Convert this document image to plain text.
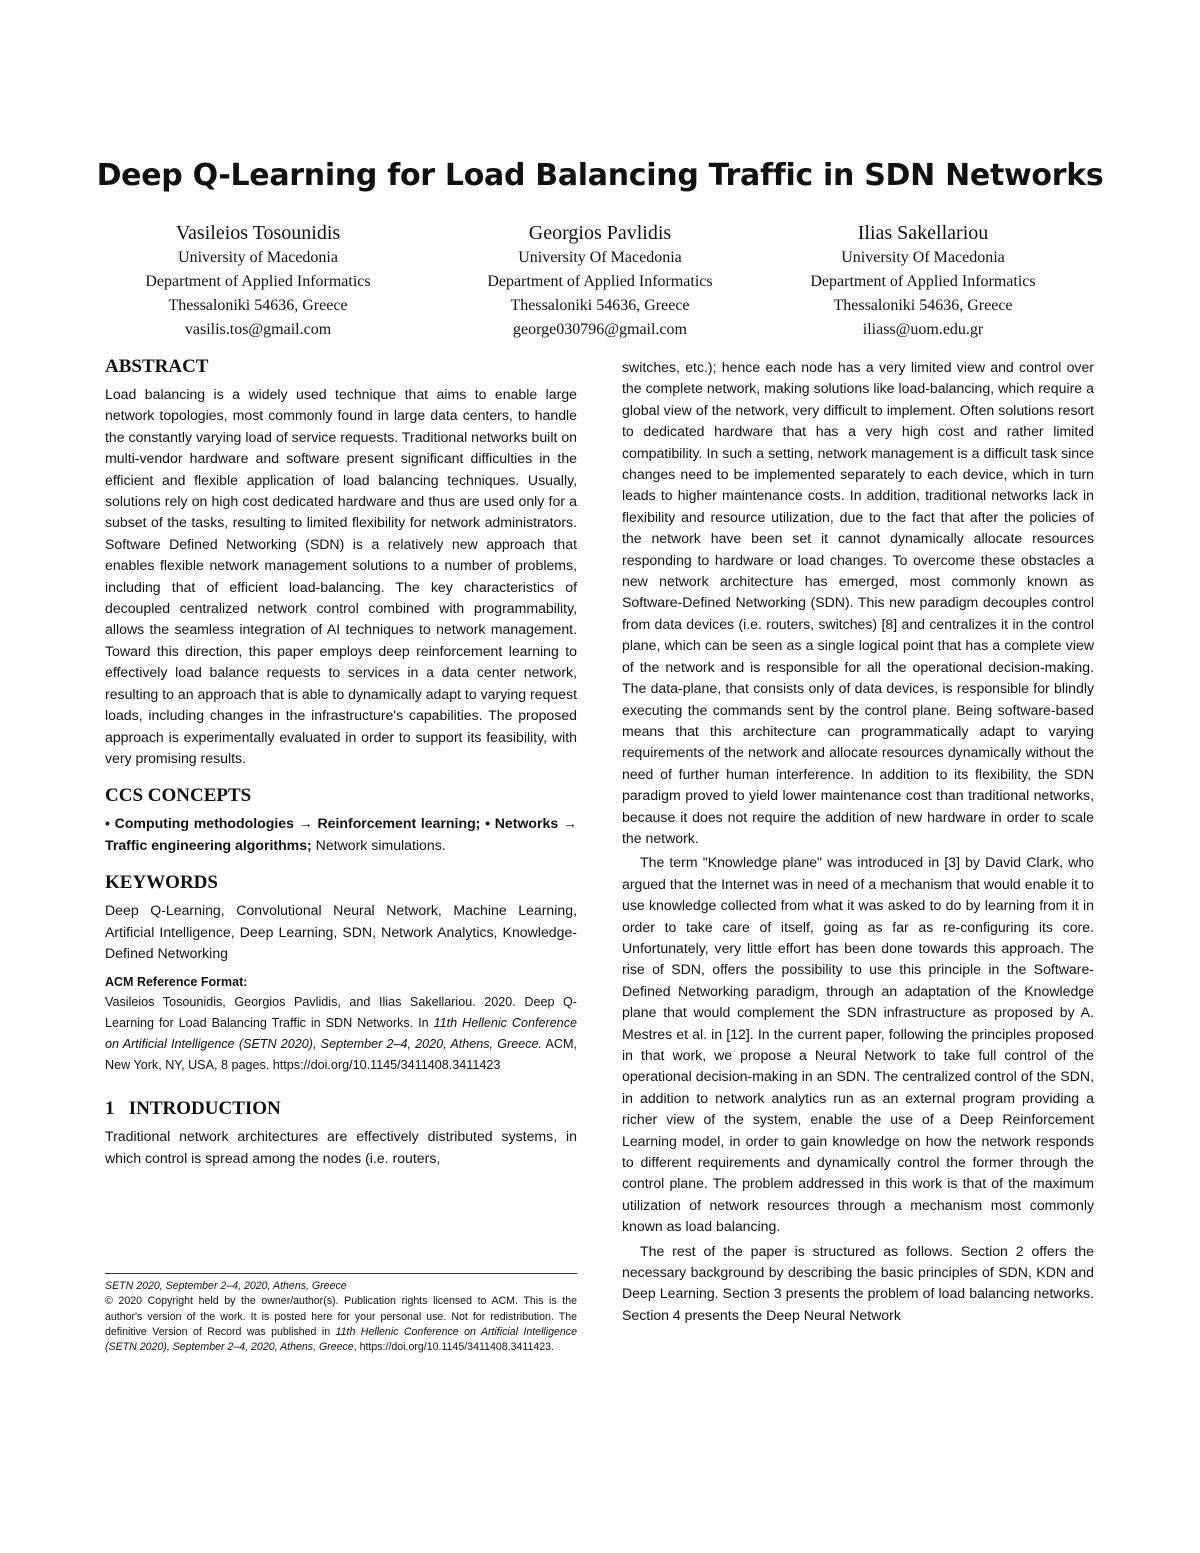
Deep Q-Learning for Load Balancing Traffic in SDN Networks
Vasileios Tosounidis
University of Macedonia
Department of Applied Informatics
Thessaloniki 54636, Greece
vasilis.tos@gmail.com
Georgios Pavlidis
University Of Macedonia
Department of Applied Informatics
Thessaloniki 54636, Greece
george030796@gmail.com
Ilias Sakellariou
University Of Macedonia
Department of Applied Informatics
Thessaloniki 54636, Greece
iliass@uom.edu.gr
ABSTRACT

Load balancing is a widely used technique that aims to enable large network topologies, most commonly found in large data centers, to handle the constantly varying load of service requests. Traditional networks built on multi-vendor hardware and software present significant difficulties in the efficient and flexible application of load balancing techniques. Usually, solutions rely on high cost dedicated hardware and thus are used only for a subset of the tasks, resulting to limited flexibility for network administrators. Software Defined Networking (SDN) is a relatively new approach that enables flexible network management solutions to a number of problems, including that of efficient load-balancing. The key characteristics of decoupled centralized network control combined with programmability, allows the seamless integration of AI techniques to network management. Toward this direction, this paper employs deep reinforcement learning to effectively load balance requests to services in a data center network, resulting to an approach that is able to dynamically adapt to varying request loads, including changes in the infrastructure's capabilities. The proposed approach is experimentally evaluated in order to support its feasibility, with very promising results.

CCS CONCEPTS

• Computing methodologies → Reinforcement learning; • Networks → Traffic engineering algorithms; Network simulations.

KEYWORDS

Deep Q-Learning, Convolutional Neural Network, Machine Learning, Artificial Intelligence, Deep Learning, SDN, Network Analytics, Knowledge-Defined Networking

ACM Reference Format:

Vasileios Tosounidis, Georgios Pavlidis, and Ilias Sakellariou. 2020. Deep Q-Learning for Load Balancing Traffic in SDN Networks. In 11th Hellenic Conference on Artificial Intelligence (SETN 2020), September 2–4, 2020, Athens, Greece. ACM, New York, NY, USA, 8 pages. https://doi.org/10.1145/3411408.3411423

1   INTRODUCTION

Traditional network architectures are effectively distributed systems, in which control is spread among the nodes (i.e. routers,

SETN 2020, September 2–4, 2020, Athens, Greece
© 2020 Copyright held by the owner/author(s). Publication rights licensed to ACM. This is the author's version of the work. It is posted here for your personal use. Not for redistribution. The definitive Version of Record was published in 11th Hellenic Conference on Artificial Intelligence (SETN 2020), September 2–4, 2020, Athens, Greece, https://doi.org/10.1145/3411408.3411423.

switches, etc.); hence each node has a very limited view and control over the complete network, making solutions like load-balancing, which require a global view of the network, very difficult to implement. Often solutions resort to dedicated hardware that has a very high cost and rather limited compatibility. In such a setting, network management is a difficult task since changes need to be implemented separately to each device, which in turn leads to higher maintenance costs. In addition, traditional networks lack in flexibility and resource utilization, due to the fact that after the policies of the network have been set it cannot dynamically allocate resources responding to hardware or load changes. To overcome these obstacles a new network architecture has emerged, most commonly known as Software-Defined Networking (SDN). This new paradigm decouples control from data devices (i.e. routers, switches) [8] and centralizes it in the control plane, which can be seen as a single logical point that has a complete view of the network and is responsible for all the operational decision-making. The data-plane, that consists only of data devices, is responsible for blindly executing the commands sent by the control plane. Being software-based means that this architecture can programmatically adapt to varying requirements of the network and allocate resources dynamically without the need of further human interference. In addition to its flexibility, the SDN paradigm proved to yield lower maintenance cost than traditional networks, because it does not require the addition of new hardware in order to scale the network.

The term "Knowledge plane" was introduced in [3] by David Clark, who argued that the Internet was in need of a mechanism that would enable it to use knowledge collected from what it was asked to do by learning from it in order to take care of itself, going as far as re-configuring its core. Unfortunately, very little effort has been done towards this approach. The rise of SDN, offers the possibility to use this principle in the Software-Defined Networking paradigm, through an adaptation of the Knowledge plane that would complement the SDN infrastructure as proposed by A. Mestres et al. in [12]. In the current paper, following the principles proposed in that work, we propose a Neural Network to take full control of the operational decision-making in an SDN. The centralized control of the SDN, in addition to network analytics run as an external program providing a richer view of the system, enable the use of a Deep Reinforcement Learning model, in order to gain knowledge on how the network responds to different requirements and dynamically control the former through the control plane. The problem addressed in this work is that of the maximum utilization of network resources through a mechanism most commonly known as load balancing.

The rest of the paper is structured as follows. Section 2 offers the necessary background by describing the basic principles of SDN, KDN and Deep Learning. Section 3 presents the problem of load balancing networks. Section 4 presents the Deep Neural Network
